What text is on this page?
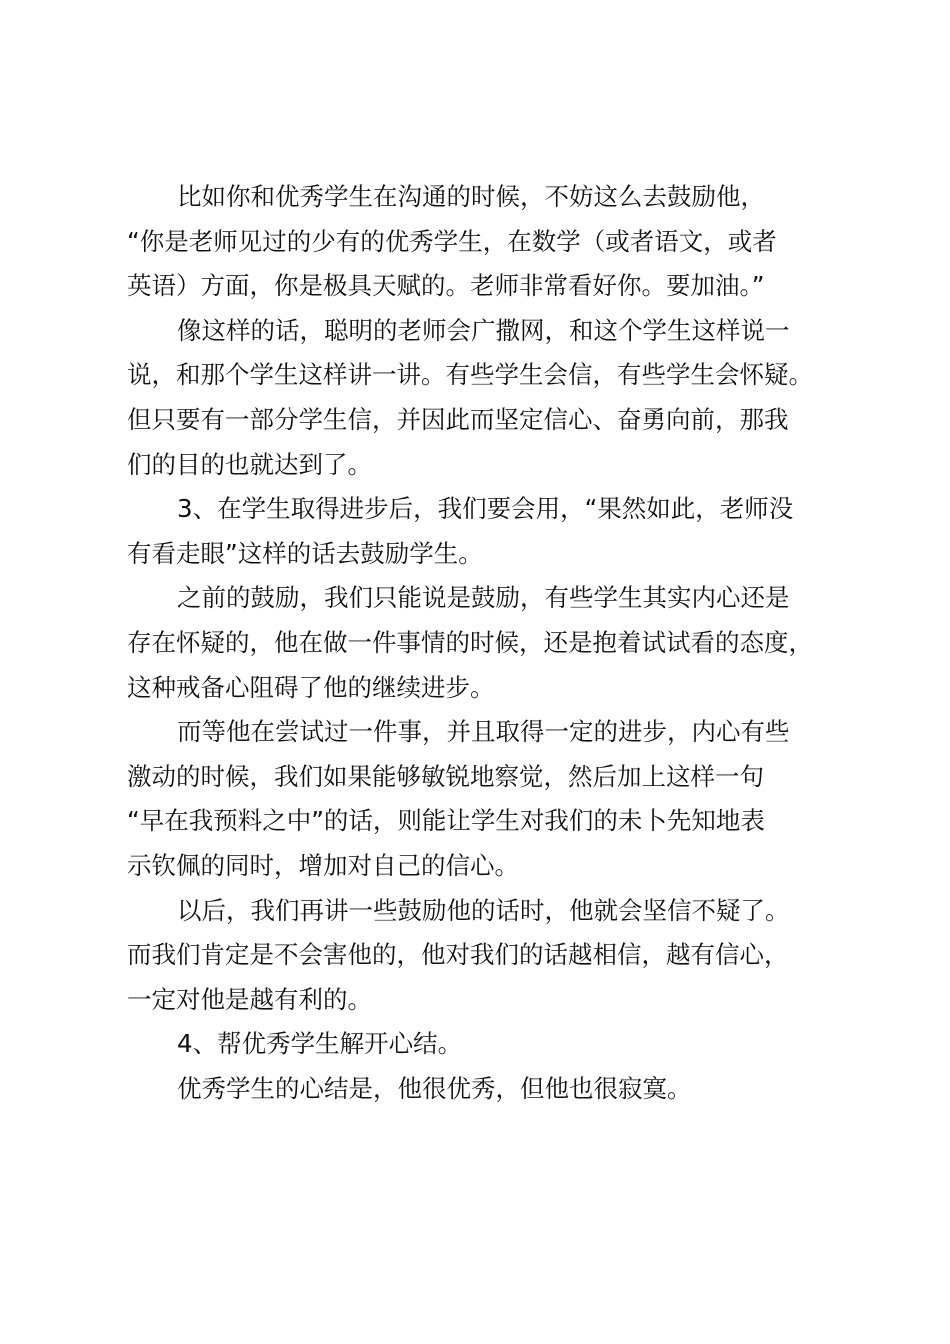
比如你和优秀学生在沟通的时候，不妨这么去鼓励他，
“你是老师见过的少有的优秀学生，在数学（或者语文，或者
英语）方面，你是极具天赋的。老师非常看好你。要加油。”
像这样的话，聪明的老师会广撒网，和这个学生这样说一
说，和那个学生这样讲一讲。有些学生会信，有些学生会怀疑。
但只要有一部分学生信，并因此而坚定信心、奋勇向前，那我
们的目的也就达到了。
3、在学生取得进步后，我们要会用，“果然如此，老师没
有看走眼”这样的话去鼓励学生。
之前的鼓励，我们只能说是鼓励，有些学生其实内心还是
存在怀疑的，他在做一件事情的时候，还是抱着试试看的态度，
这种戒备心阻碍了他的继续进步。
而等他在尝试过一件事，并且取得一定的进步，内心有些
激动的时候，我们如果能够敏锐地察觉，然后加上这样一句
“早在我预料之中”的话，则能让学生对我们的未卜先知地表
示钦佩的同时，增加对自己的信心。
以后，我们再讲一些鼓励他的话时，他就会坚信不疑了。
而我们肯定是不会害他的，他对我们的话越相信，越有信心，
一定对他是越有利的。
4、帮优秀学生解开心结。
优秀学生的心结是，他很优秀，但他也很寂寞。
